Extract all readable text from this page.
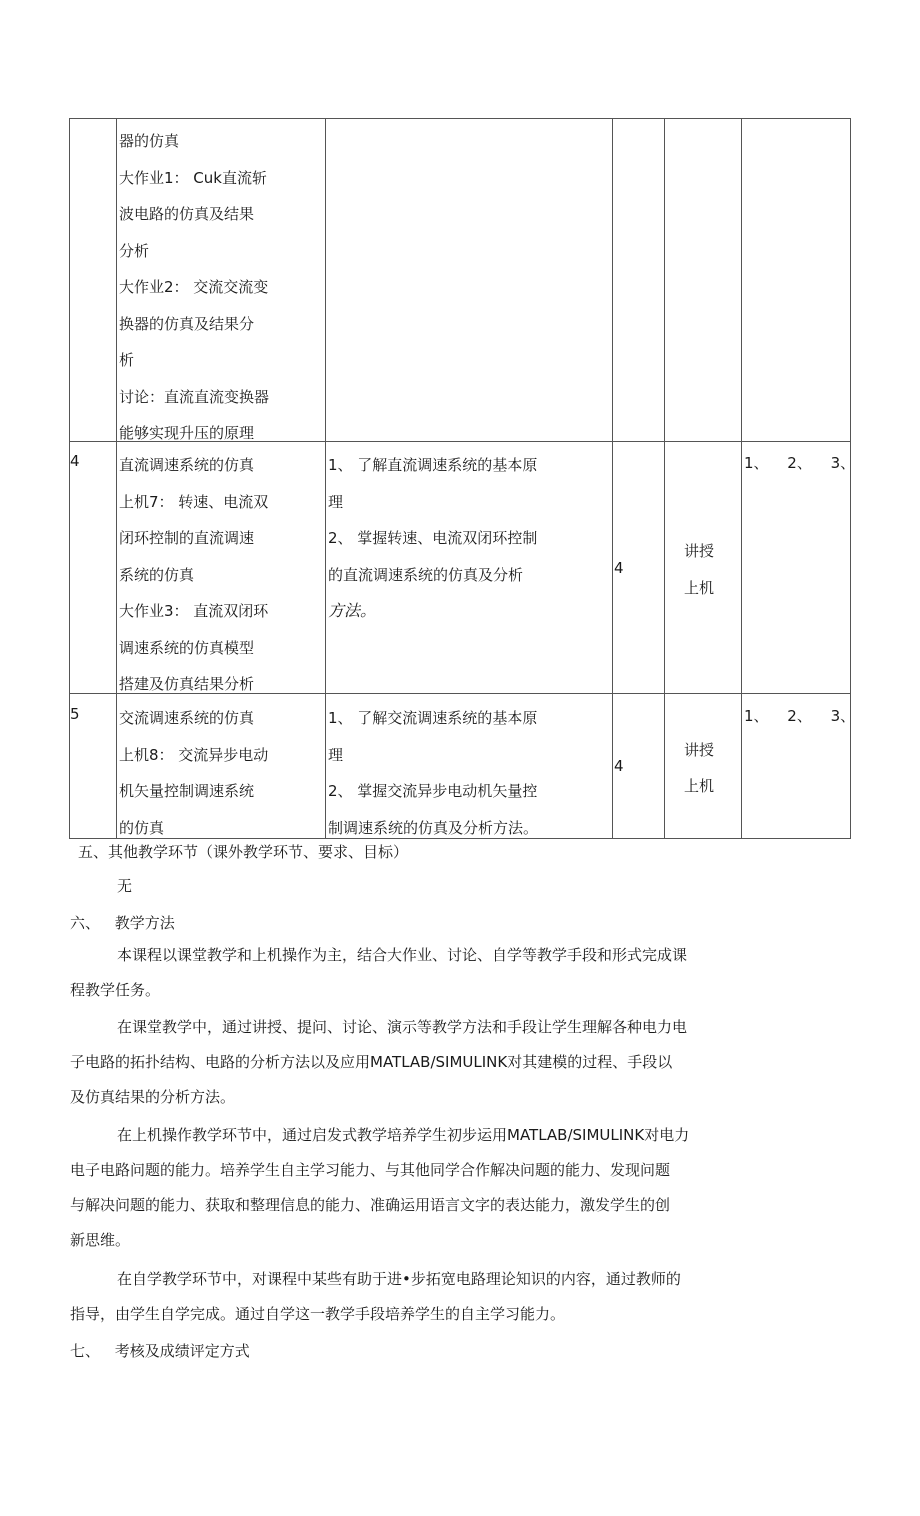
器的仿真
大作业1： Cuk直流斩
波电路的仿真及结果
分析
大作业2： 交流交流变
换器的仿真及结果分
析
讨论：直流直流变换器
能够实现升压的原理
4	直流调速系统的仿真
上机7： 转速、电流双
闭环控制的直流调速
系统的仿真
大作业3： 直流双闭环
调速系统的仿真模型
搭建及仿真结果分析
1、 了解直流调速系统的基本原
理
2、 掌握转速、电流双闭环控制
的直流调速系统的仿真及分析
方法。
4
讲授
上机
1、 2、 3、
5	交流调速系统的仿真
上机8： 交流异步电动
机矢量控制调速系统
的仿真
1、 了解交流调速系统的基本原
理
2、 掌握交流异步电动机矢量控
制调速系统的仿真及分析方法。
4
讲授
上机
1、 2、 3、
五、其他教学环节（课外教学环节、要求、目标）
无
六、 教学方法
本课程以课堂教学和上机操作为主，结合大作业、讨论、自学等教学手段和形式完成课
程教学任务。
在课堂教学中，通过讲授、提问、讨论、演示等教学方法和手段让学生理解各种电力电
子电路的拓扑结构、电路的分析方法以及应用MATLAB/SIMULINK对其建模的过程、手段以
及仿真结果的分析方法。
在上机操作教学环节中，通过启发式教学培养学生初步运用MATLAB/SIMULINK对电力
电子电路问题的能力。培养学生自主学习能力、与其他同学合作解决问题的能力、发现问题
与解决问题的能力、获取和整理信息的能力、准确运用语言文字的表达能力，激发学生的创
新思维。
在自学教学环节中，对课程中某些有助于进•步拓宽电路理论知识的内容，通过教师的
指导，由学生自学完成。通过自学这一教学手段培养学生的自主学习能力。
七、 考核及成绩评定方式
